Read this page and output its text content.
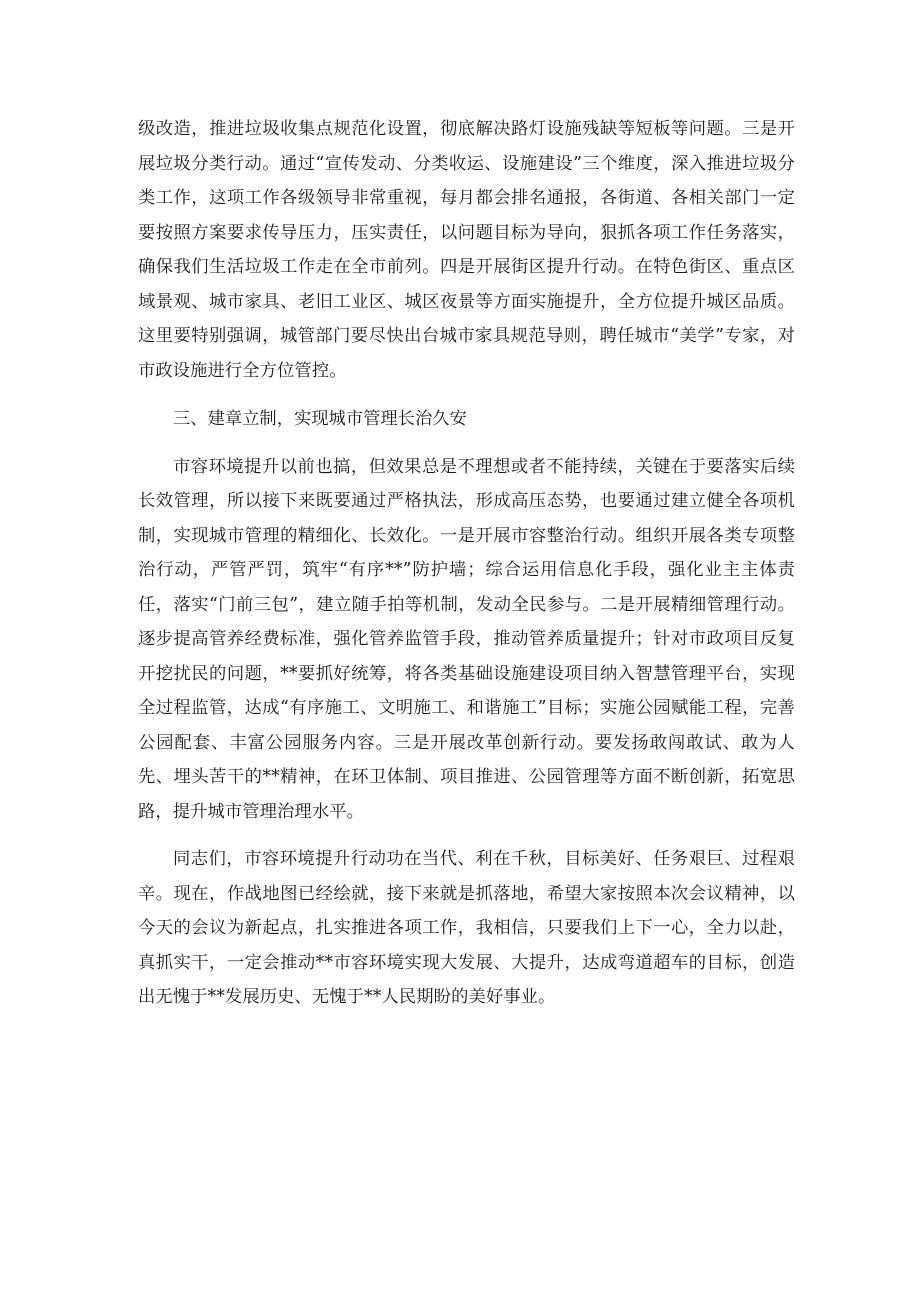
级改造，推进垃圾收集点规范化设置，彻底解决路灯设施残缺等短板等问题。三是开展垃圾分类行动。通过“宣传发动、分类收运、设施建设”三个维度，深入推进垃圾分类工作，这项工作各级领导非常重视，每月都会排名通报，各街道、各相关部门一定要按照方案要求传导压力，压实责任，以问题目标为导向，狠抓各项工作任务落实，确保我们生活垃圾工作走在全市前列。四是开展街区提升行动。在特色街区、重点区域景观、城市家具、老旧工业区、城区夜景等方面实施提升，全方位提升城区品质。这里要特别强调，城管部门要尽快出台城市家具规范导则，聘任城市“美学”专家，对市政设施进行全方位管控。

三、建章立制，实现城市管理长治久安

市容环境提升以前也搞，但效果总是不理想或者不能持续，关键在于要落实后续长效管理，所以接下来既要通过严格执法，形成高压态势，也要通过建立健全各项机制，实现城市管理的精细化、长效化。一是开展市容整治行动。组织开展各类专项整治行动，严管严罚，筑牢“有序**”防护墙；综合运用信息化手段，强化业主主体责任，落实“门前三包”，建立随手拍等机制，发动全民参与。二是开展精细管理行动。逐步提高管养经费标准，强化管养监管手段，推动管养质量提升；针对市政项目反复开挖扰民的问题，**要抓好统筹，将各类基础设施建设项目纳入智慧管理平台，实现全过程监管，达成“有序施工、文明施工、和谐施工”目标；实施公园赋能工程，完善公园配套、丰富公园服务内容。三是开展改革创新行动。要发扬敢闯敢试、敢为人先、埋头苦干的**精神，在环卫体制、项目推进、公园管理等方面不断创新，拓宽思路，提升城市管理治理水平。

同志们，市容环境提升行动功在当代、利在千秋，目标美好、任务艰巨、过程艰辛。现在，作战地图已经绘就，接下来就是抓落地，希望大家按照本次会议精神，以今天的会议为新起点，扎实推进各项工作，我相信，只要我们上下一心，全力以赴，真抓实干，一定会推动**市容环境实现大发展、大提升，达成弯道超车的目标，创造出无愧于**发展历史、无愧于**人民期盼的美好事业。
